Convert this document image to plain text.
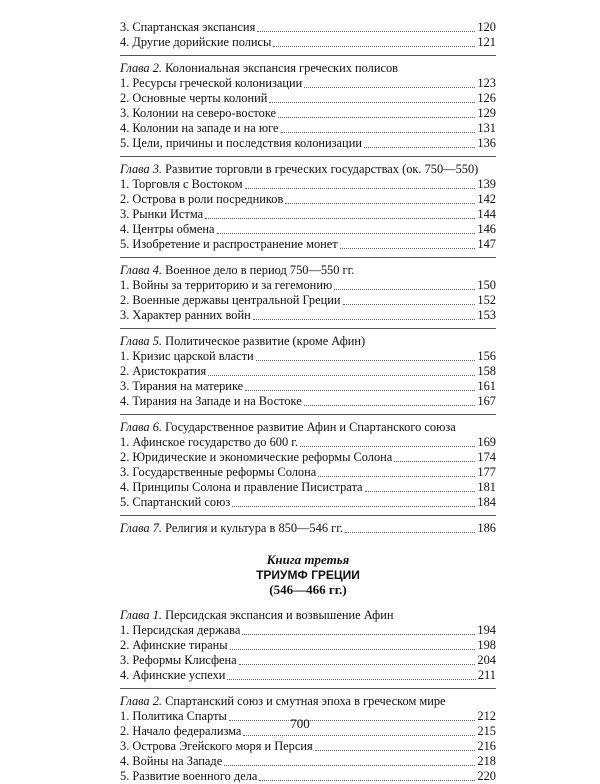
3. Спартанская экспансия	120
4. Другие дорийские полисы	121
Глава 2. Колониальная экспансия греческих полисов
1. Ресурсы греческой колонизации	123
2. Основные черты колоний	126
3. Колонии на северо-востоке	129
4. Колонии на западе и на юге	131
5. Цели, причины и последствия колонизации	136
Глава 3. Развитие торговли в греческих государствах (ок. 750—550)
1. Торговля с Востоком	139
2. Острова в роли посредников	142
3. Рынки Истма	144
4. Центры обмена	146
5. Изобретение и распространение монет	147
Глава 4. Военное дело в период 750—550 гг.
1. Войны за территорию и за гегемонию	150
2. Военные державы центральной Греции	152
3. Характер ранних войн	153
Глава 5. Политическое развитие (кроме Афин)
1. Кризис царской власти	156
2. Аристократия	158
3. Тирания на материке	161
4. Тирания на Западе и на Востоке	167
Глава 6. Государственное развитие Афин и Спартанского союза
1. Афинское государство до 600 г.	169
2. Юридические и экономические реформы Солона	174
3. Государственные реформы Солона	177
4. Принципы Солона и правление Писистрата	181
5. Спартанский союз	184
Глава 7. Религия и культура в 850—546 гг.	186
Книга третья
ТРИУМФ ГРЕЦИИ
(546—466 гг.)
Глава 1. Персидская экспансия и возвышение Афин
1. Персидская держава	194
2. Афинские тираны	198
3. Реформы Клисфена	204
4. Афинские успехи	211
Глава 2. Спартанский союз и смутная эпоха в греческом мире
1. Политика Спарты	212
2. Начало федерализма	215
3. Острова Эгейского моря и Персия	216
4. Войны на Западе	218
5. Развитие военного дела	220
700
